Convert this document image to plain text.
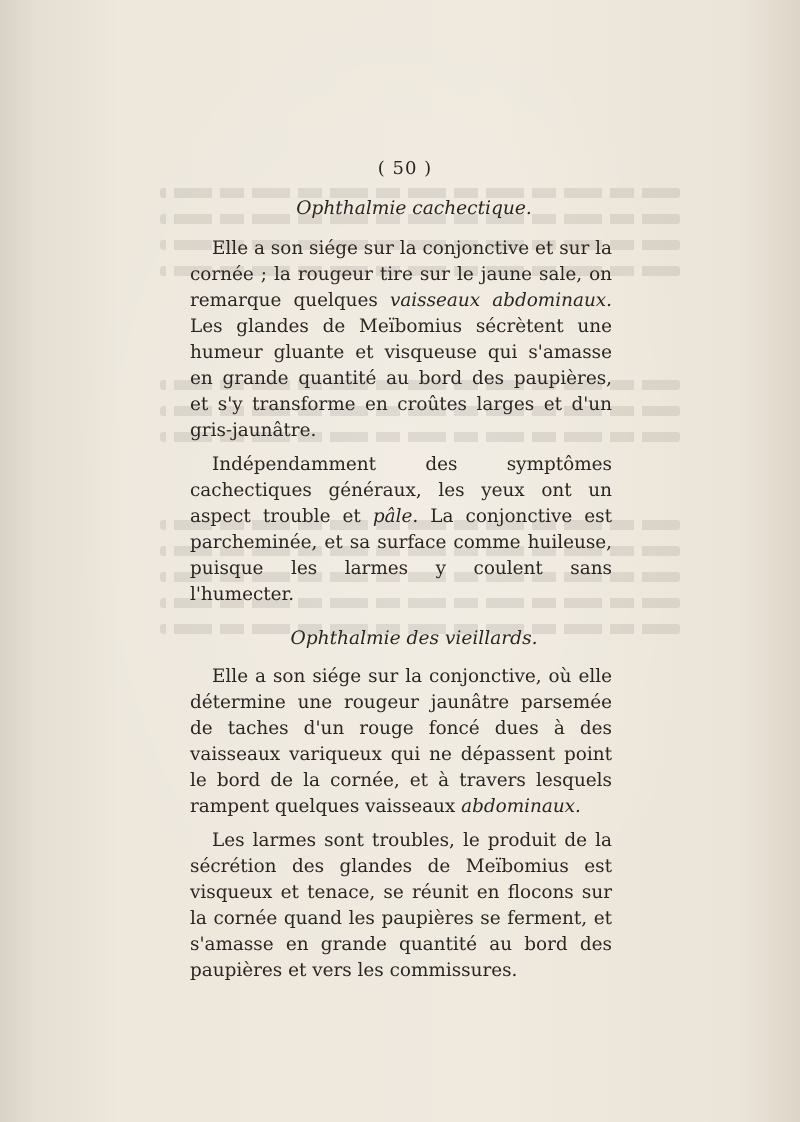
( 50 )
Ophthalmie cachectique.

Elle a son siége sur la conjonctive et sur la cornée ; la rougeur tire sur le jaune sale, on remarque quelques vaisseaux abdominaux. Les glandes de Meïbomius sécrètent une humeur gluante et visqueuse qui s'amasse en grande quantité au bord des paupières, et s'y transforme en croûtes larges et d'un gris-jaunâtre.

Indépendamment des symptômes cachectiques généraux, les yeux ont un aspect trouble et pâle. La conjonctive est parcheminée, et sa surface comme huileuse, puisque les larmes y coulent sans l'humecter.

Ophthalmie des vieillards.

Elle a son siége sur la conjonctive, où elle détermine une rougeur jaunâtre parsemée de taches d'un rouge foncé dues à des vaisseaux variqueux qui ne dépassent point le bord de la cornée, et à travers lesquels rampent quelques vaisseaux abdominaux.

Les larmes sont troubles, le produit de la sécrétion des glandes de Meïbomius est visqueux et tenace, se réunit en flocons sur la cornée quand les paupières se ferment, et s'amasse en grande quantité au bord des paupières et vers les commissures.
